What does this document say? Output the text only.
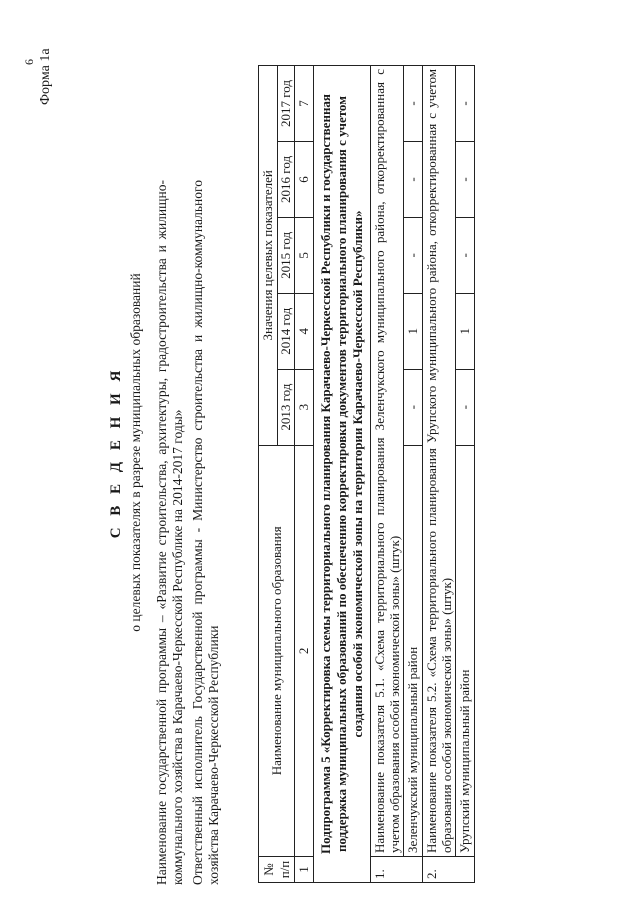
6 Форма 1а
С В Е Д Е Н И Я о целевых показателях в разрезе муниципальных образований Наименование государственной программы – «Развитие строительства, архитектуры, градостроительства и жилищно-коммунального хозяйства в Карачаево-Черкесской Республике на 2014-2017 годы» Ответственный исполнитель Государственной программы - Министерство строительства и жилищно-коммунального хозяйства Карачаево-Черкесской Республики	№ п/п	Наименование муниципального образования	Значения целевых показателей				
		2013 год	2014 год	2015 год	2016 год	2017 год
1	2	3	4	5	6	7
Подпрограмма 5 «Корректировка схемы территориального планирования Карачаево-Черкесской Республики и государственная поддержка муниципальных образований по обеспечению корректировки документов территориального планирования с учетом создания особой экономической зоны на территории Карачаево-Черкесской Республики»						
1.	Наименование показателя 5.1. «Схема территориального планирования Зеленчукского муниципального района, откорректированная с учетом образования особой экономической зоны» (штук)					
	Зеленчукский муниципальный район	-	1	-	-	-
2.	Наименование показателя 5.2. «Схема территориального планирования Урупского муниципального района, откорректированная с учетом образования особой экономической зоны» (штук)					
	Урупский муниципальный район	-	1	-	-	-
